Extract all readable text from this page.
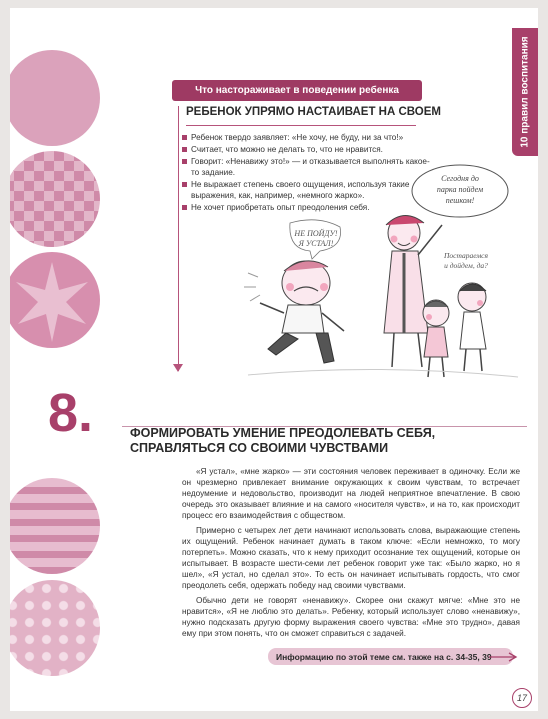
10 правил воспитания
Что настораживает в поведении ребенка
РЕБЕНОК УПРЯМО НАСТАИВАЕТ НА СВОЕМ
Ребенок твердо заявляет: «Не хочу, не буду, ни за что!»
Считает, что можно не делать то, что не нравится.
Говорит: «Ненавижу это!» — и отказывается выполнять какое-то задание.
Не выражает степень своего ощущения, используя такие выражения, как, например, «немного жарко».
Не хочет приобретать опыт преодоления себя.
Сегодня до
парка пойдем
пешком!
НЕ ПОЙДУ!
Я УСТАЛ!
Постараемся
и дойдем, да?
8.	ФОРМИРОВАТЬ УМЕНИЕ ПРЕОДОЛЕВАТЬ СЕБЯ, СПРАВЛЯТЬСЯ СО СВОИМИ ЧУВСТВАМИ

«Я устал», «мне жарко» — эти состояния человек переживает в одиночку. Если же он чрезмерно привлекает внимание окружающих к своим чувствам, то встречает недоумение и недовольство, производит на людей неприятное впечатление. В свою очередь это оказывает влияние и на самого «носителя чувств», и на то, как происходит процесс его взаимодействия с обществом.

Примерно с четырех лет дети начинают использовать слова, выражающие степень их ощущений. Ребенок начинает думать в таком ключе: «Если немножко, то могу потерпеть». Можно сказать, что к нему приходит осознание тех ощущений, которые он испытывает. В возрасте шести-семи лет ребенок говорит уже так: «Было жарко, но я шел», «Я устал, но сделал это». То есть он начинает испытывать гордость, что смог преодолеть себя, одержать победу над своими чувствами.

Обычно дети не говорят «ненавижу». Скорее они скажут мягче: «Мне это не нравится», «Я не люблю это делать». Ребенку, который использует слово «ненавижу», нужно подсказать другую форму выражения своего чувства: «Мне это трудно», давая ему при этом понять, что он сможет справиться с задачей.

Информацию по этой теме см. также на с. 34-35, 39
17
